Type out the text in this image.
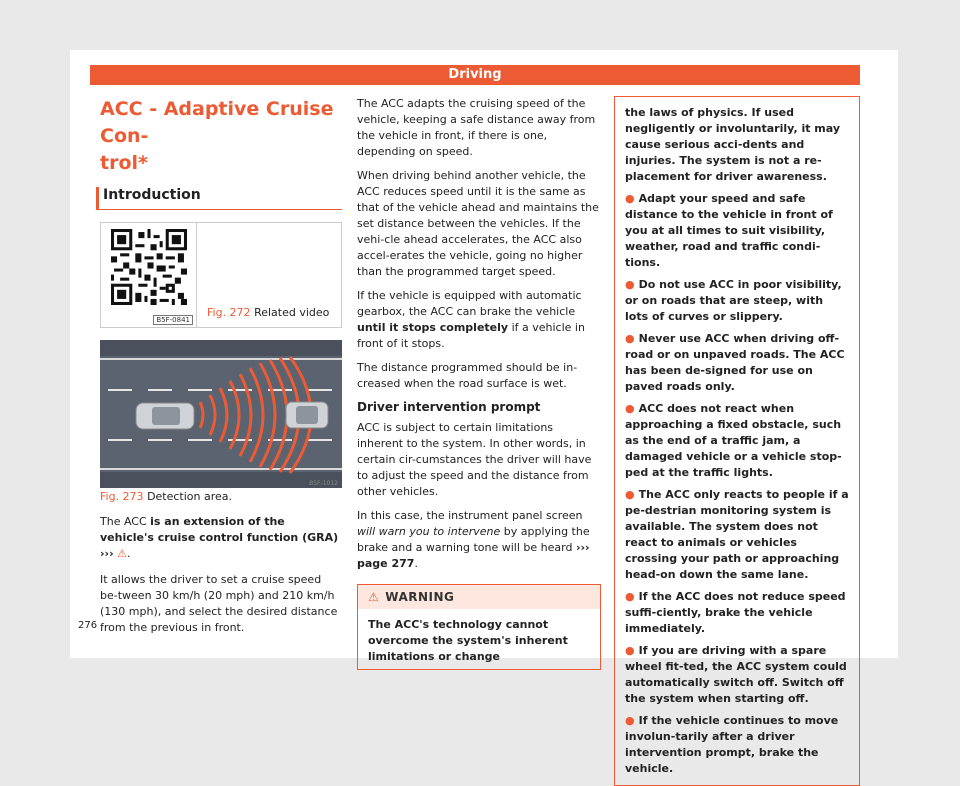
Driving
ACC - Adaptive Cruise Con-
trol*
Introduction
B5F-0841
Fig. 272 Related video
B5F-1012
Fig. 273 Detection area.

The ACC is an extension of the vehicle's cruise control function (GRA) ››› ⚠.

It allows the driver to set a cruise speed be-tween 30 km/h (20 mph) and 210 km/h (130 mph), and select the desired distance from the previous in front.

The ACC adapts the cruising speed of the vehicle, keeping a safe distance away from the vehicle in front, if there is one, depending on speed.

When driving behind another vehicle, the ACC reduces speed until it is the same as that of the vehicle ahead and maintains the set distance between the vehicles. If the vehi-cle ahead accelerates, the ACC also accel-erates the vehicle, going no higher than the programmed target speed.

If the vehicle is equipped with automatic gearbox, the ACC can brake the vehicle until it stops completely if a vehicle in front of it stops.

The distance programmed should be in-creased when the road surface is wet.

Driver intervention prompt

ACC is subject to certain limitations inherent to the system. In other words, in certain cir-cumstances the driver will have to adjust the speed and the distance from other vehicles.

In this case, the instrument panel screen will warn you to intervene by applying the brake and a warning tone will be heard ››› page 277.

⚠ WARNING
The ACC's technology cannot overcome the system's inherent limitations or change
the laws of physics. If used negligently or involuntarily, it may cause serious acci-dents and injuries. The system is not a re-placement for driver awareness.
● Adapt your speed and safe distance to the vehicle in front of you at all times to suit visibility, weather, road and traffic condi-tions.
● Do not use ACC in poor visibility, or on roads that are steep, with lots of curves or slippery.
● Never use ACC when driving off-road or on unpaved roads. The ACC has been de-signed for use on paved roads only.
● ACC does not react when approaching a fixed obstacle, such as the end of a traffic jam, a damaged vehicle or a vehicle stop-ped at the traffic lights.
● The ACC only reacts to people if a pe-destrian monitoring system is available. The system does not react to animals or vehicles crossing your path or approaching head-on down the same lane.
● If the ACC does not reduce speed suffi-ciently, brake the vehicle immediately.
● If you are driving with a spare wheel fit-ted, the ACC system could automatically switch off. Switch off the system when starting off.
● If the vehicle continues to move involun-tarily after a driver intervention prompt, brake the vehicle.
276
